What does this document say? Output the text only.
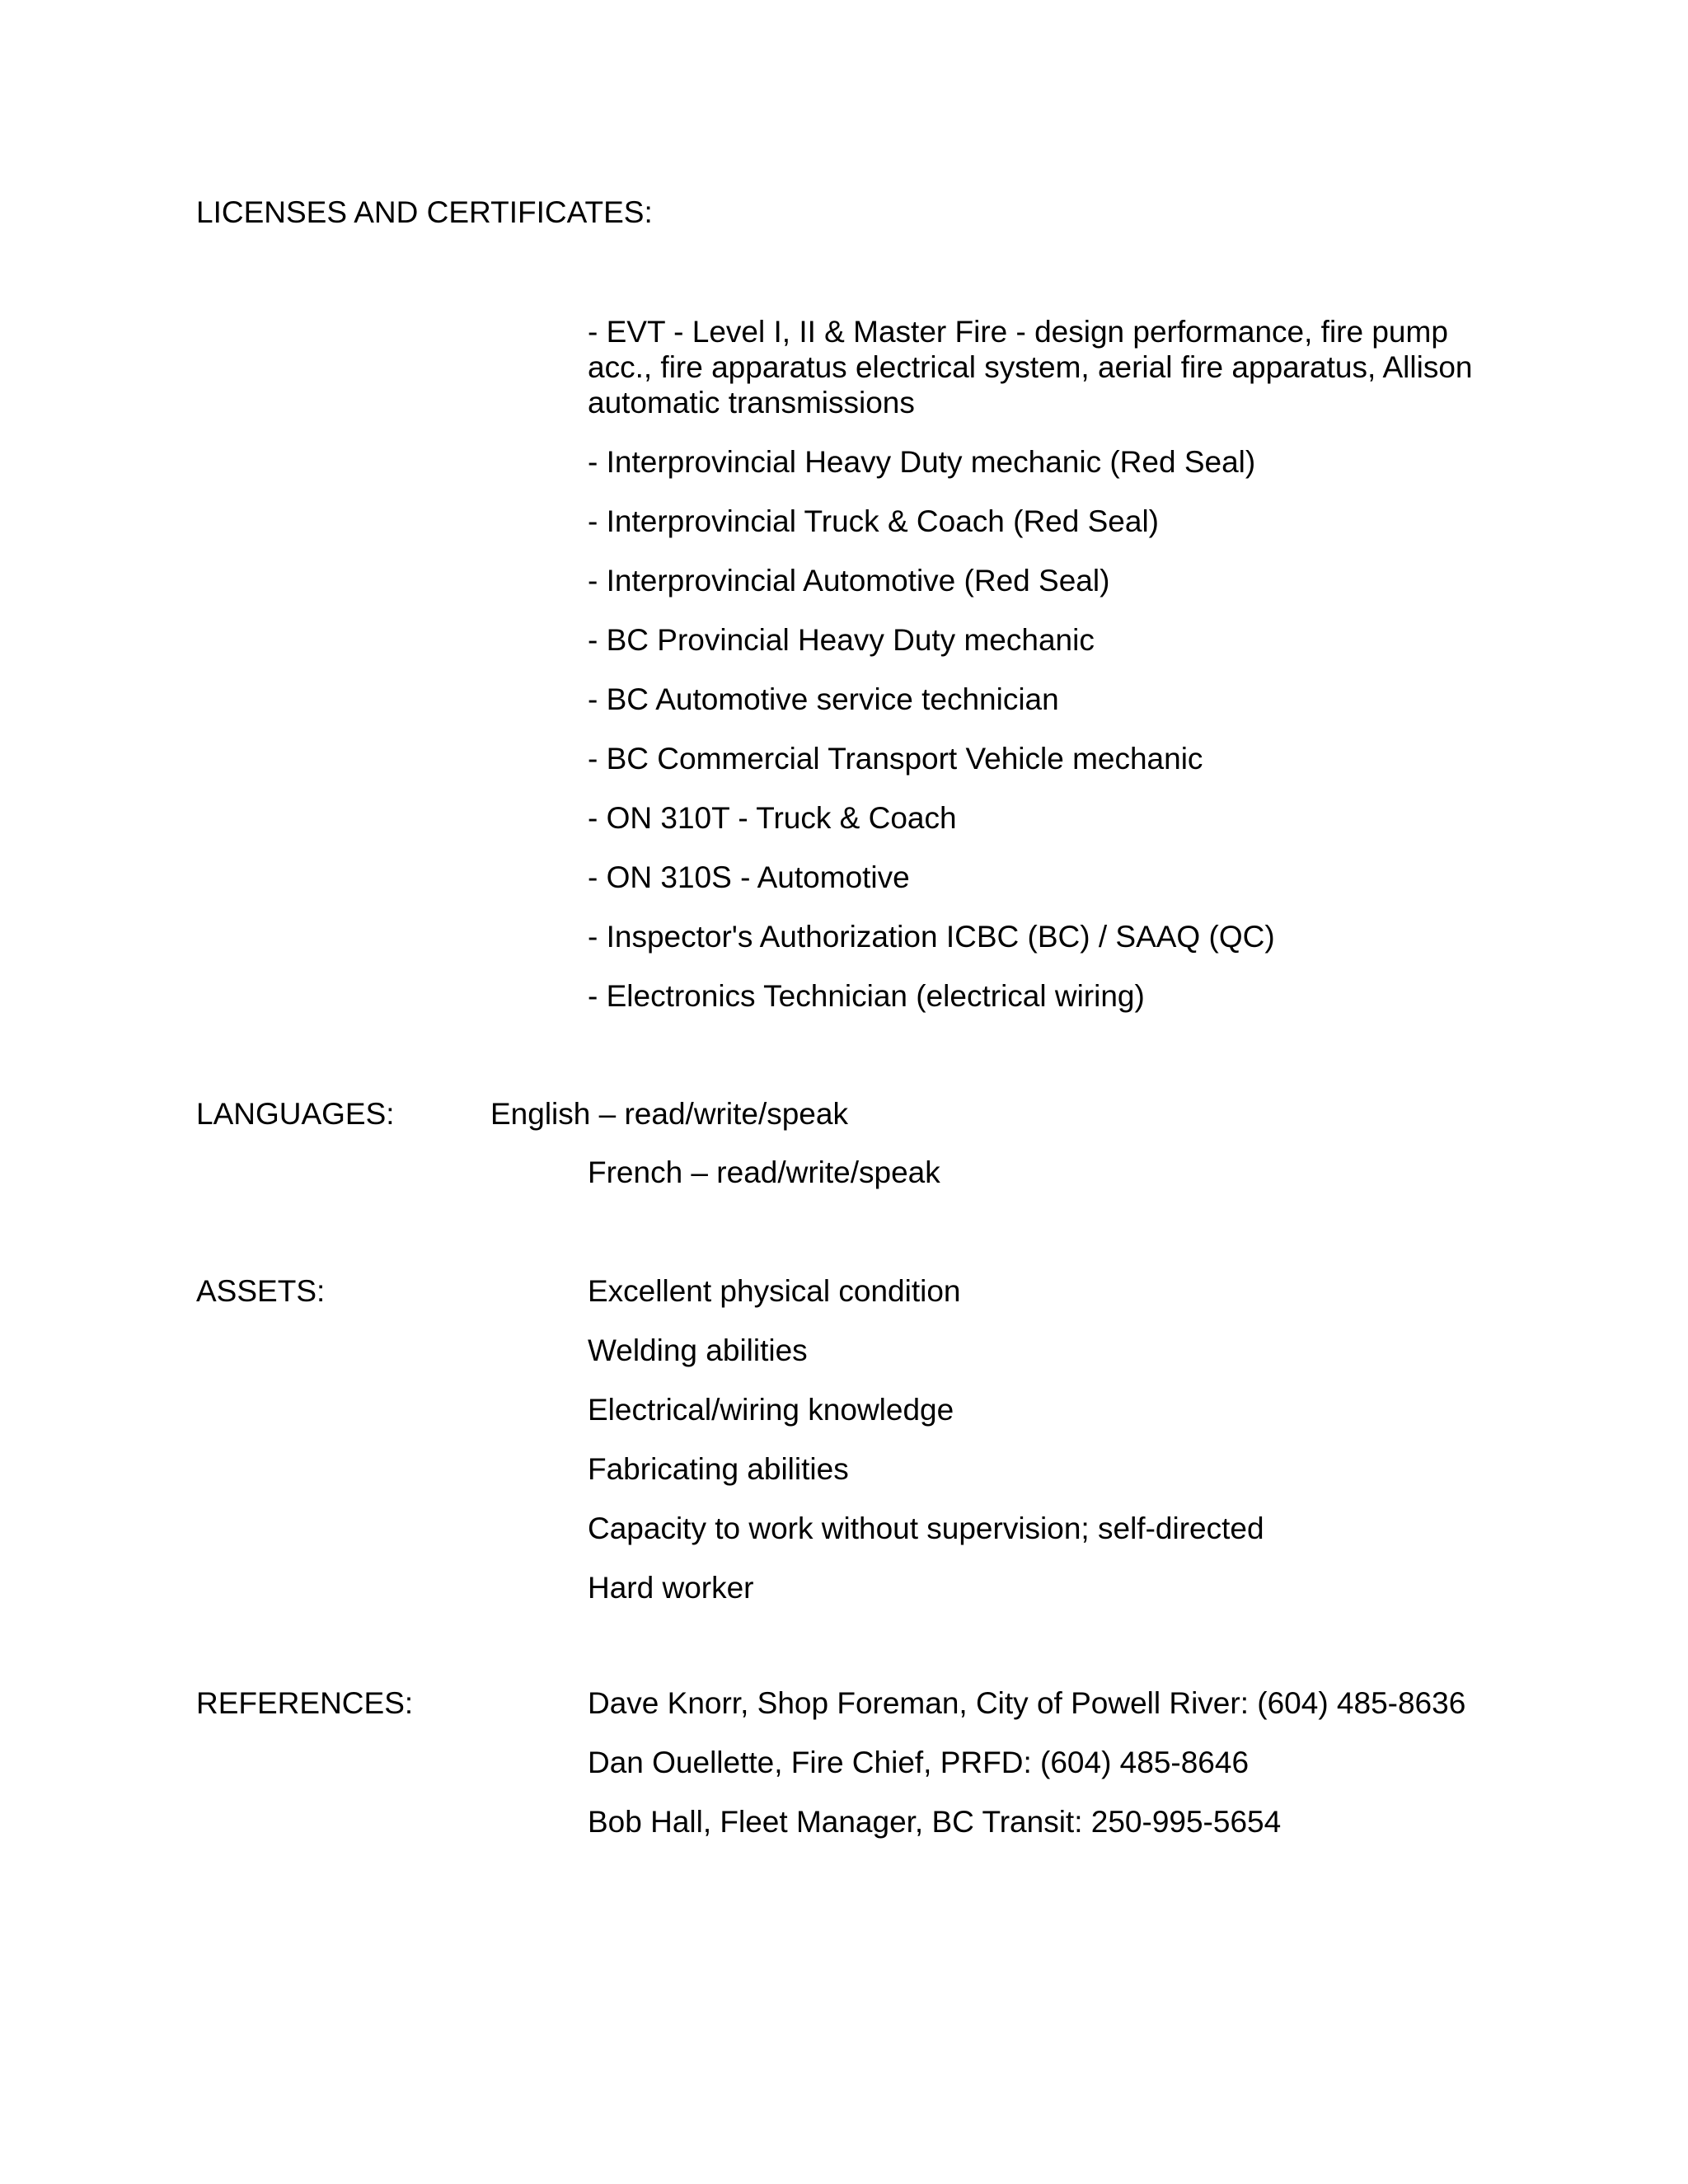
LICENSES AND CERTIFICATES:
- EVT - Level I, II & Master Fire - design performance, fire pump acc., fire apparatus electrical system, aerial fire apparatus, Allison automatic transmissions
- Interprovincial Heavy Duty mechanic (Red Seal)
- Interprovincial Truck & Coach (Red Seal)
- Interprovincial Automotive (Red Seal)
- BC Provincial Heavy Duty mechanic
- BC Automotive service technician
- BC Commercial Transport Vehicle mechanic
- ON 310T - Truck & Coach
- ON 310S - Automotive
- Inspector's Authorization ICBC (BC) / SAAQ (QC)
- Electronics Technician (electrical wiring)
LANGUAGES:	English – read/write/speak
French – read/write/speak
ASSETS:	Excellent physical condition
Welding abilities
Electrical/wiring knowledge
Fabricating abilities
Capacity to work without supervision; self-directed
Hard worker
REFERENCES:	Dave Knorr, Shop Foreman, City of Powell River: (604) 485-8636
Dan Ouellette, Fire Chief, PRFD: (604) 485-8646
Bob Hall, Fleet Manager, BC Transit: 250-995-5654
